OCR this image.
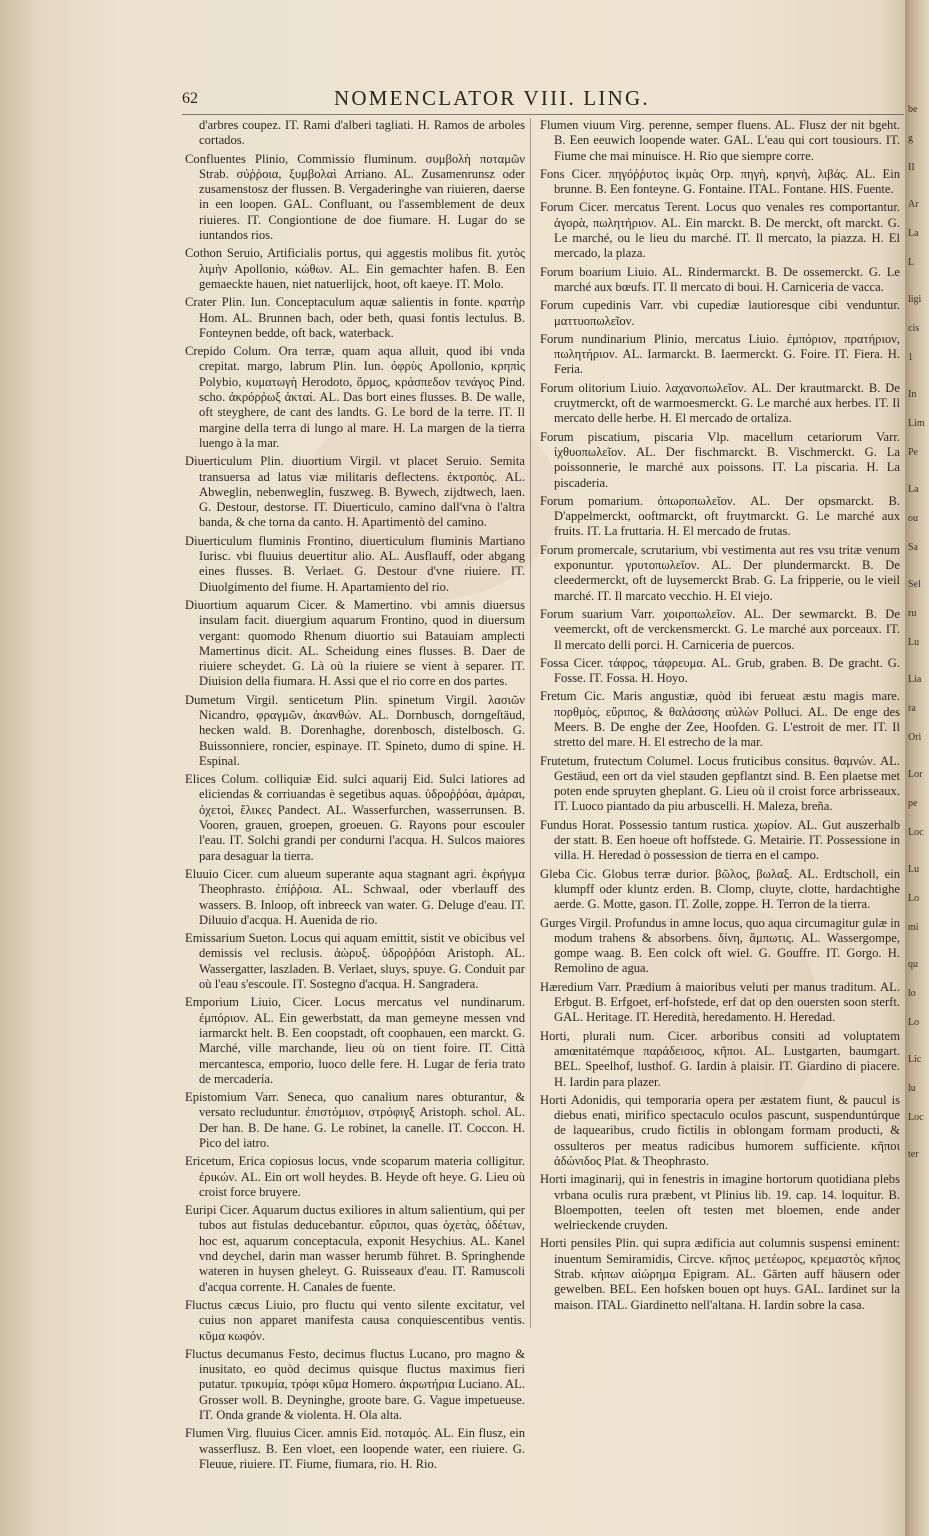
62	NOMENCLATOR VIII. LING.
d'arbres coupez. IT. Rami d'alberi tagliati. H. Ramos de arboles cortados.
Confluentes Plinio, Commissio fluminum. συμβολὴ ποταμῶν Strab. σύῤῥοια, ξυμβολαὶ Arriano. AL. Zusamenrunsz oder zusamenstosz der flussen. B. Vergaderinghe van riuieren, daerse in een loopen. GAL. Confluant, ou l'assemblement de deux riuieres. IT. Congiontione de doe fiumare. H. Lugar do se iuntandos rios.
Cothon Seruio, Artificialis portus, qui aggestis molibus fit. χυτὸς λιμὴν Apollonio, κώθων. AL. Ein gemachter hafen. B. Een gemaeckte hauen, niet natuerlijck, hoot, oft kaeye. IT. Molo.
Crater Plin. Iun. Conceptaculum aquæ salientis in fonte. κρατὴρ Hom. AL. Brunnen bach, oder beth, quasi fontis lectulus. B. Fonteynen bedde, oft back, waterback.
Crepido Colum. Ora terræ, quam aqua alluit, quod ibi vnda crepitat. margo, labrum Plin. Iun. ὀφρὺς Apollonio, κρηπὶς Polybio, κυματωγὴ Herodoto, ὅρμος, κράσπεδον τενάγος Pind. scho. ἀκρόρῤωξ ἀκταί. AL. Das bort eines flusses. B. De walle, oft steyghere, de cant des landts. G. Le bord de la terre. IT. Il margine della terra di lungo al mare. H. La margen de la tierra luengo à la mar.
Diuerticulum Plin. diuortium Virgil. vt placet Seruio. Semita transuersa ad latus viæ militaris deflectens. ἐκτροπὸς. AL. Abweglin, nebenweglin, fuszweg. B. Bywech, zijdtwech, laen. G. Destour, destorse. IT. Diuerticulo, camino dall'vna ò l'altra banda, & che torna da canto. H. Apartimentò del camino.
Diuerticulum fluminis Frontino, diuerticulum fluminis Martiano Iurisc. vbi fluuius deuertitur alio. AL. Ausflauff, oder abgang eines flusses. B. Verlaet. G. Destour d'vne riuiere. IT. Diuolgimento del fiume. H. Apartamiento del rio.
Diuortium aquarum Cicer. & Mamertino. vbi amnis diuersus insulam facit. diuergium aquarum Frontino, quod in diuersum vergant: quomodo Rhenum diuortio sui Batauiam amplecti Mamertinus dicit. AL. Scheidung eines flusses. B. Daer de riuiere scheydet. G. Là où la riuiere se vient à separer. IT. Diuision della fiumara. H. Assi que el rio corre en dos partes.
Dumetum Virgil. senticetum Plin. spinetum Virgil. λασιῶν Nicandro, φραγμῶν, ἀκανθών. AL. Dornbusch, dorngeſtäud, hecken wald. B. Dorenhaghe, dorenbosch, distelbosch. G. Buissonniere, roncier, espinaye. IT. Spineto, dumo di spine. H. Espinal.
Elices Colum. colliquiæ Eid. sulci aquarij Eid. Sulci latiores ad eliciendas & corriuandas è segetibus aquas. ὑδροῤῥόαι, ἀμάραι, ὀχετοὶ, ἕλικες Pandect. AL. Wasserfurchen, wasserrunsen. B. Vooren, grauen, groepen, groeuen. G. Rayons pour escouler l'eau. IT. Solchi grandi per condurni l'acqua. H. Sulcos maiores para desaguar la tierra.
Eluuio Cicer. cum alueum superante aqua stagnant agri. ἐκρήγμα Theophrasto. ἐπίῤῥοια. AL. Schwaal, oder vberlauff des wassers. B. Inloop, oft inbreeck van water. G. Deluge d'eau. IT. Diluuio d'acqua. H. Auenida de rio.
Emissarium Sueton. Locus qui aquam emittit, sistit ve obicibus vel demissis vel reclusis. ἀὡρυξ. ὑδροῤῥόαι Aristoph. AL. Wassergatter, laszladen. B. Verlaet, sluys, spuye. G. Conduit par où l'eau s'escoule. IT. Sostegno d'acqua. H. Sangradera.
Emporium Liuio, Cicer. Locus mercatus vel nundinarum. ἐμπόριον. AL. Ein gewerbstatt, da man gemeyne messen vnd iarmarckt helt. B. Een coopstadt, oft coophauen, een marckt. G. Marché, ville marchande, lieu où on tient foire. IT. Città mercantesca, emporio, luoco delle fere. H. Lugar de feria trato de mercadería.
Epistomium Varr. Seneca, quo canalium nares obturantur, & versato recluduntur. ἐπιστόμιον, στρόφιγξ Aristoph. schol. AL. Der han. B. De hane. G. Le robinet, la canelle. IT. Coccon. H. Pico del iatro.
Ericetum, Erica copiosus locus, vnde scoparum materia colligitur. ἐρικών. AL. Ein ort woll heydes. B. Heyde oft heye. G. Lieu où croist force bruyere.
Euripi Cicer. Aquarum ductus exiliores in altum salientium, qui per tubos aut fistulas deducebantur. εὔριποι, quas ὀχετὰς, ὀδέτων, hoc est, aquarum conceptacula, exponit Hesychius. AL. Kanel vnd deychel, darin man wasser herumb führet. B. Springhende wateren in huysen gheleyt. G. Ruisseaux d'eau. IT. Ramuscoli d'acqua corrente. H. Canales de fuente.
Fluctus cæcus Liuio, pro fluctu qui vento silente excitatur, vel cuius non apparet manifesta causa conquiescentibus ventis. κῦμα κωφόν.
Fluctus decumanus Festo, decimus fluctus Lucano, pro magno & inusitato, eo quòd decimus quisque fluctus maximus fieri putatur. τρικυμία, τρόφι κῦμα Homero. ἀκρωτήρια Luciano. AL. Grosser woll. B. Deyninghe, groote bare. G. Vague impetueuse. IT. Onda grande & violenta. H. Ola alta.
Flumen Virg. fluuius Cicer. amnis Eid. ποταμός. AL. Ein flusz, ein wasserflusz. B. Een vloet, een loopende water, een riuiere. G. Fleuue, riuiere. IT. Fiume, fiumara, rio. H. Rio.
Flumen viuum Virg. perenne, semper fluens. AL. Flusz der nit bgeht. B. Een eeuwich loopende water. GAL. L'eau qui cort tousiours. IT. Fiume che mai minuisce. H. Rio que siempre corre.
Fons Cicer. πηγόῤῥυτος ἰκμὰς Orp. πηγὴ, κρηνὴ, λιβάς. AL. Ein brunne. B. Een fonteyne. G. Fontaine. ITAL. Fontane. HIS. Fuente.
Forum Cicer. mercatus Terent. Locus quo venales res comportantur. ἀγορὰ, πωλητήριον. AL. Ein marckt. B. De merckt, oft marckt. G. Le marché, ou le lieu du marché. IT. Il mercato, la piazza. H. El mercado, la plaza.
Forum boarium Liuio. AL. Rindermarckt. B. De ossemerckt. G. Le marché aux bœufs. IT. Il mercato di boui. H. Carniceria de vacca.
Forum cupedinis Varr. vbi cupediæ lautioresque cibi venduntur. ματτυοπωλεῖον.
Forum nundinarium Plinio, mercatus Liuio. ἐμπόριον, πρατήριον, πωλητήριον. AL. Iarmarckt. B. Iaermerckt. G. Foire. IT. Fiera. H. Feria.
Forum olitorium Liuio. λαχανοπωλεῖον. AL. Der krautmarckt. B. De cruytmerckt, oft de warmoesmerckt. G. Le marché aux herbes. IT. Il mercato delle herbe. H. El mercado de ortaliza.
Forum piscatium, piscaria Vlp. macellum cetariorum Varr. ἰχθυοπωλεῖον. AL. Der fischmarckt. B. Vischmerckt. G. La poissonnerie, le marché aux poissons. IT. La piscaria. H. La piscaderia.
Forum pomarium. ὀπωροπωλεῖον. AL. Der opsmarckt. B. D'appelmerckt, ooftmarckt, oft fruytmarckt. G. Le marché aux fruits. IT. La fruttaria. H. El mercado de frutas.
Forum promercale, scrutarium, vbi vestimenta aut res vsu tritæ venum exponuntur. γρυτοπωλεῖον. AL. Der plundermarckt. B. De cleedermerckt, oft de luysemerckt Brab. G. La fripperie, ou le vieil marché. IT. Il marcato vecchio. H. El viejo.
Forum suarium Varr. χοιροπωλεῖον. AL. Der sewmarckt. B. De veemerckt, oft de verckensmerckt. G. Le marché aux porceaux. IT. Il mercato delli porci. H. Carniceria de puercos.
Fossa Cicer. τάφρος, τάφρευμα. AL. Grub, graben. B. De gracht. G. Fosse. IT. Fossa. H. Hoyo.
Fretum Cic. Maris angustiæ, quòd ibi ferueat æstu magis mare. πορθμὸς, εὔριπος, & θαλάσσης αὐλὼν Polluci. AL. De enge des Meers. B. De enghe der Zee, Hoofden. G. L'estroit de mer. IT. Il stretto del mare. H. El estrecho de la mar.
Frutetum, frutectum Columel. Locus fruticibus consitus. θαμνών. AL. Gestäud, een ort da viel stauden gepflantzt sind. B. Een plaetse met poten ende spruyten gheplant. G. Lieu où il croist force arbrisseaux. IT. Luoco piantado da piu arbuscelli. H. Maleza, breña.
Fundus Horat. Possessio tantum rustica. χωρίον. AL. Gut auszerhalb der statt. B. Een hoeue oft hoffstede. G. Metairie. IT. Possessione in villa. H. Heredad ò possession de tierra en el campo.
Gleba Cic. Globus terræ durior. βῶλος, βωλαξ. AL. Erdtscholl, ein klumpff oder kluntz erden. B. Clomp, cluyte, clotte, hardachtighe aerde. G. Motte, gason. IT. Zolle, zoppe. H. Terron de la tierra.
Gurges Virgil. Profundus in amne locus, quo aqua circumagitur gulæ in modum trahens & absorbens. δίνη, ἄμπωτις. AL. Wassergompe, gompe waag. B. Een colck oft wiel. G. Gouffre. IT. Gorgo. H. Remolino de agua.
Hæredium Varr. Prædium à maioribus veluti per manus traditum. AL. Erbgut. B. Erfgoet, erf-hofstede, erf dat op den ouersten soon sterft. GAL. Heritage. IT. Heredità, heredamento. H. Heredad.
Horti, plurali num. Cicer. arboribus consiti ad voluptatem amœnitatémque παράδεισος, κῆποι. AL. Lustgarten, baumgart. BEL. Speelhof, lusthof. G. Iardin à plaisir. IT. Giardino di piacere. H. Iardin para plazer.
Horti Adonidis, qui temporaria opera per æstatem fiunt, & paucul is diebus enati, mirifico spectaculo oculos pascunt, suspenduntúrque de laquearibus, crudo fictilis in oblongam formam producti, & ossulteros per meatus radicibus humorem sufficiente. κῆποι ἀδώνιδος Plat. & Theophrasto.
Horti imaginarij, qui in fenestris in imagine hortorum quotidiana plebs vrbana oculis rura præbent, vt Plinius lib. 19. cap. 14. loquitur. B. Bloempotten, teelen oft testen met bloemen, ende ander welrieckende cruyden.
Horti pensiles Plin. qui supra ædificia aut columnis suspensi eminent: inuentum Semiramidis, Circve. κῆπος μετέωρος, κρεμαστὸς κῆπος Strab. κήπων αἰώρημα Epigram. AL. Gärten auff häusern oder gewelben. BEL. Een hofsken bouen opt huys. GAL. Iardinet sur la maison. ITAL. Giardinetto nell'altana. H. Iardin sobre la casa.
be
g
II
Ar
La
L
ligi
cis
1
In
Lim
Pe
La
ou
Sa
Sel
ru
Lu
Lia
ra
Ori
Lor
pe
Loc
Lu
Lo
mi
qu
lo
Lo
Lic
lu
Loc
ter
